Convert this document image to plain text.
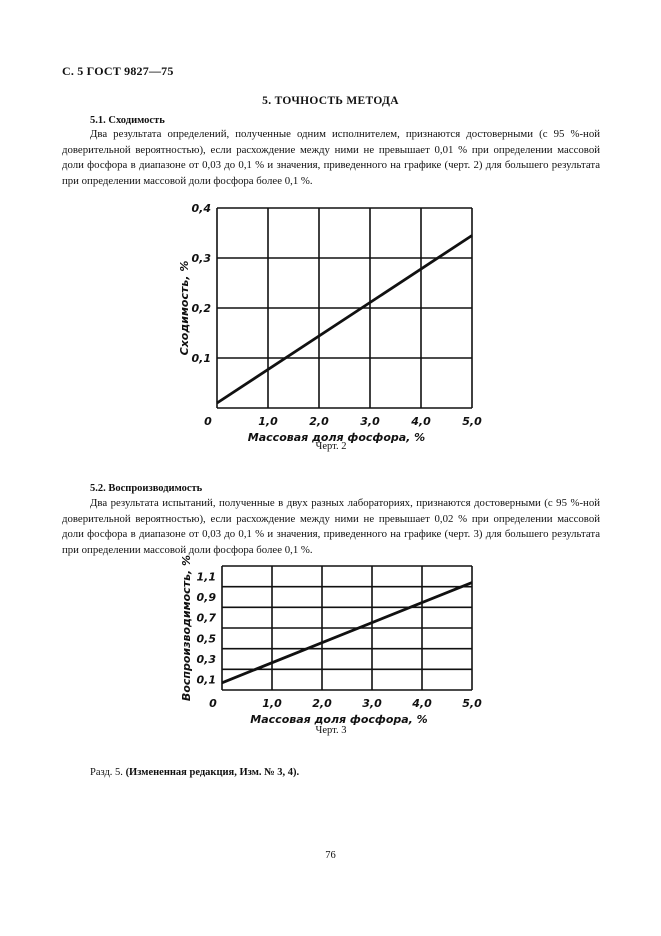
С. 5 ГОСТ 9827—75
5. ТОЧНОСТЬ МЕТОДА
5.1. Сходимость
Два результата определений, полученные одним исполнителем, признаются достоверными (с 95 %-ной доверительной вероятностью), если расхождение между ними не превышает 0,01 % при определении массовой доли фосфора в диапазоне от 0,03 до 0,1 % и значения, приведенного на графике (черт. 2) для большего результата при определении массовой доли фосфора более 0,1 %.
0	1,0	2,0	3,0	4,0	5,0
0,1
0,2
0,3
0,4
Массовая доля фосфора, %
Сходимость, %
Черт. 2
5.2. Воспроизводимость
Два результата испытаний, полученные в двух разных лабораториях, признаются достоверными (с 95 %-ной доверительной вероятностью), если расхождение между ними не превышает 0,02 % при определении массовой доли фосфора в диапазоне от 0,03 до 0,1 % и значения, приведенного на графике (черт. 3) для большего результата при определении массовой доли фосфора более 0,1 %.
0	1,0	2,0	3,0	4,0	5,0
0,1
0,3
0,5
0,7
0,9
1,1
Массовая доля фосфора, %
Воспроизводимость, %
Черт. 3
Разд. 5. (Измененная редакция, Изм. № 3, 4).
76
